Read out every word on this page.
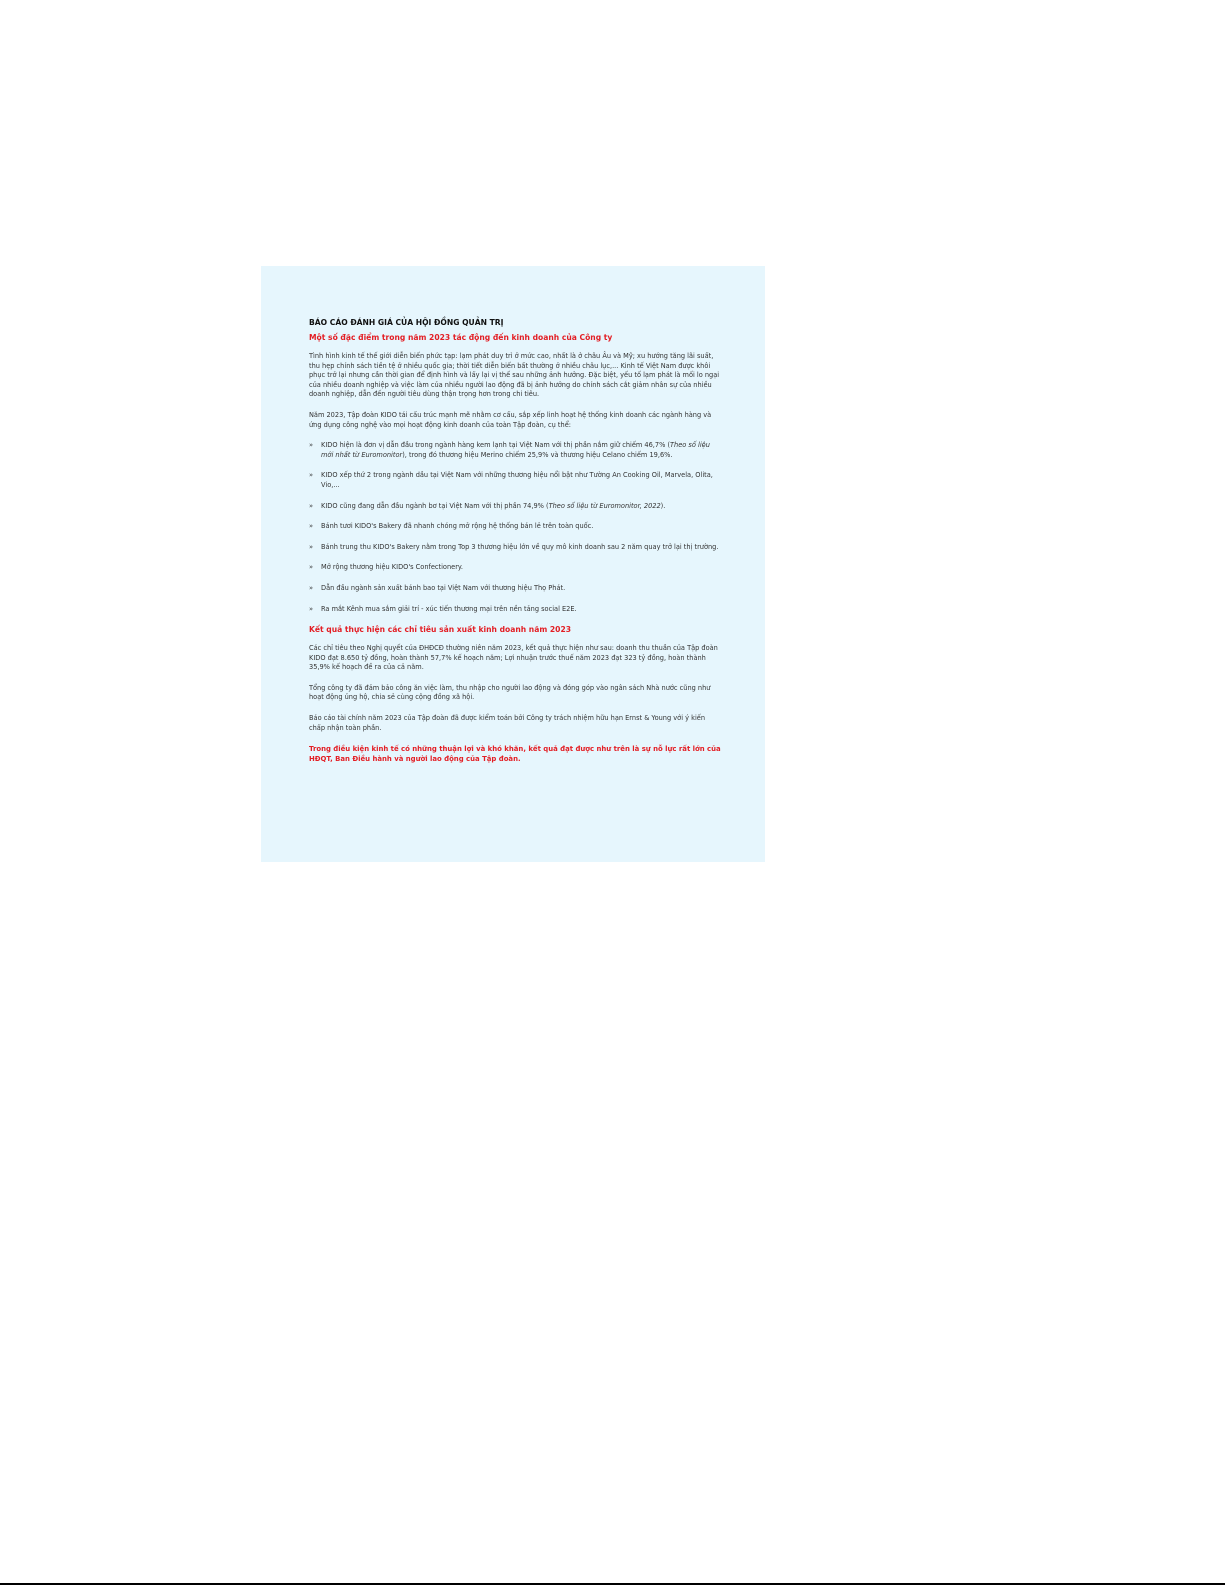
BÁO CÁO ĐÁNH GIÁ CỦA HỘI ĐỒNG QUẢN TRỊ

Một số đặc điểm trong năm 2023 tác động đến kinh doanh của Công ty

Tình hình kinh tế thế giới diễn biến phức tạp: lạm phát duy trì ở mức cao, nhất là ở châu Âu và Mỹ; xu hướng tăng lãi suất, thu hẹp chính sách tiền tệ ở nhiều quốc gia; thời tiết diễn biến bất thường ở nhiều châu lục,... Kinh tế Việt Nam được khôi phục trở lại nhưng cần thời gian để định hình và lấy lại vị thế sau những ảnh hưởng. Đặc biệt, yếu tố lạm phát là mối lo ngại của nhiều doanh nghiệp và việc làm của nhiều người lao động đã bị ảnh hưởng do chính sách cắt giảm nhân sự của nhiều doanh nghiệp, dẫn đến người tiêu dùng thận trọng hơn trong chi tiêu.

Năm 2023, Tập đoàn KIDO tái cấu trúc mạnh mẽ nhằm cơ cấu, sắp xếp linh hoạt hệ thống kinh doanh các ngành hàng và ứng dụng công nghệ vào mọi hoạt động kinh doanh của toàn Tập đoàn, cụ thể:

» KIDO hiện là đơn vị dẫn đầu trong ngành hàng kem lạnh tại Việt Nam với thị phần nắm giữ chiếm 46,7% (Theo số liệu mới nhất từ Euromonitor), trong đó thương hiệu Merino chiếm 25,9% và thương hiệu Celano chiếm 19,6%.
» KIDO xếp thứ 2 trong ngành dầu tại Việt Nam với những thương hiệu nổi bật như Tường An Cooking Oil, Marvela, Olita, Vio,...
» KIDO cũng đang dẫn đầu ngành bơ tại Việt Nam với thị phần 74,9% (Theo số liệu từ Euromonitor, 2022).
» Bánh tươi KIDO's Bakery đã nhanh chóng mở rộng hệ thống bán lẻ trên toàn quốc.
» Bánh trung thu KIDO's Bakery nằm trong Top 3 thương hiệu lớn về quy mô kinh doanh sau 2 năm quay trở lại thị trường.
» Mở rộng thương hiệu KIDO's Confectionery.
» Dẫn đầu ngành sản xuất bánh bao tại Việt Nam với thương hiệu Thọ Phát.
» Ra mắt Kênh mua sắm giải trí - xúc tiến thương mại trên nền tảng social E2E.

Kết quả thực hiện các chỉ tiêu sản xuất kinh doanh năm 2023

Các chỉ tiêu theo Nghị quyết của ĐHĐCĐ thường niên năm 2023, kết quả thực hiện như sau: doanh thu thuần của Tập đoàn KIDO đạt 8.650 tỷ đồng, hoàn thành 57,7% kế hoạch năm; Lợi nhuận trước thuế năm 2023 đạt 323 tỷ đồng, hoàn thành 35,9% kế hoạch đề ra của cả năm.

Tổng công ty đã đảm bảo công ăn việc làm, thu nhập cho người lao động và đóng góp vào ngân sách Nhà nước cũng như hoạt động ủng hộ, chia sẻ cùng cộng đồng xã hội.

Báo cáo tài chính năm 2023 của Tập đoàn đã được kiểm toán bởi Công ty trách nhiệm hữu hạn Ernst & Young với ý kiến chấp nhận toàn phần.

Trong điều kiện kinh tế có những thuận lợi và khó khăn, kết quả đạt được như trên là sự nỗ lực rất lớn của HĐQT, Ban Điều hành và người lao động của Tập đoàn.
